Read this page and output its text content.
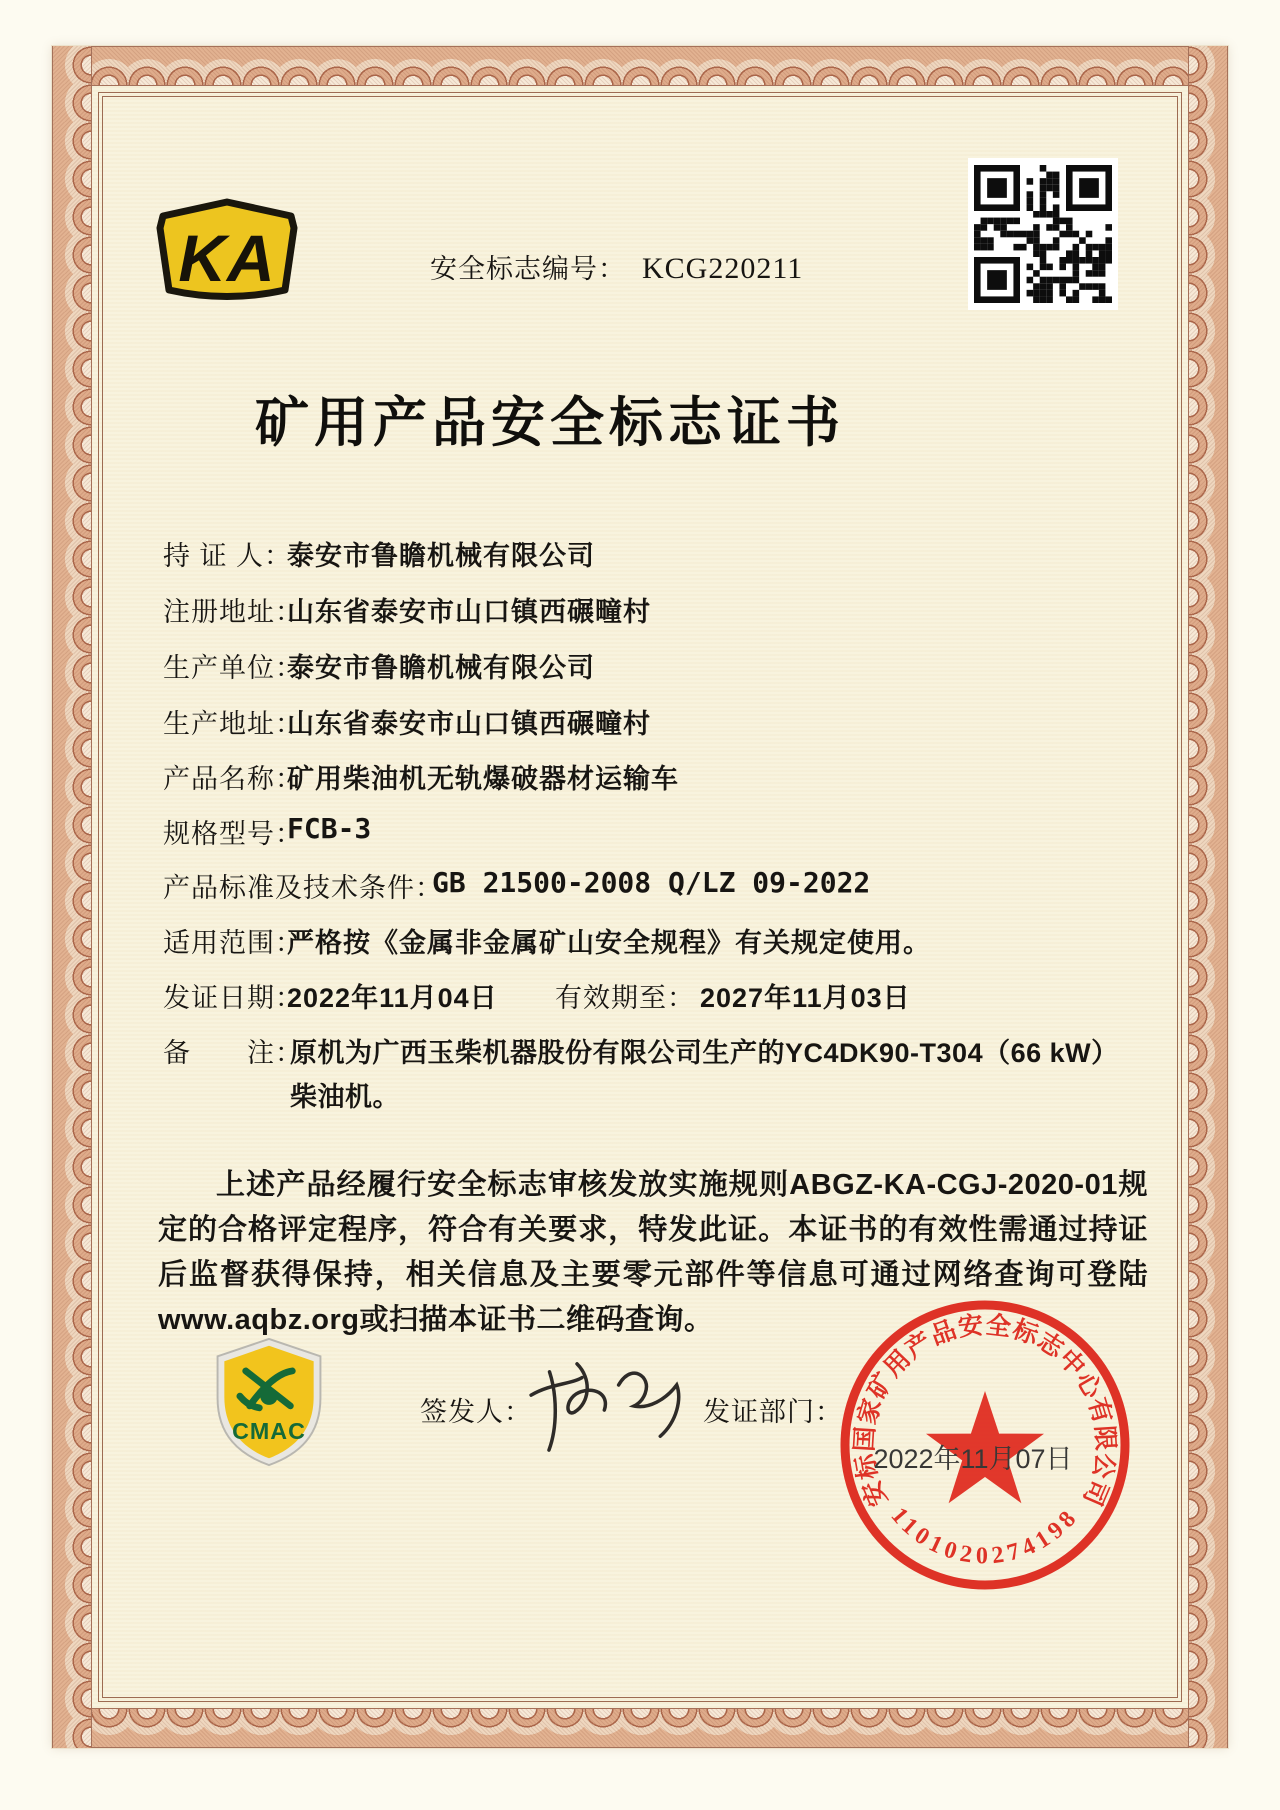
KA	安全标志编号： KCG220211
矿用产品安全标志证书
持 证 人：
泰安市鲁瞻机械有限公司
注册地址：
山东省泰安市山口镇西碾疃村
生产单位：
泰安市鲁瞻机械有限公司
生产地址：
山东省泰安市山口镇西碾疃村
产品名称：
矿用柴油机无轨爆破器材运输车
规格型号：
FCB-3
产品标准及技术条件：
GB 21500-2008 Q/LZ 09-2022
适用范围：
严格按《金属非金属矿山安全规程》有关规定使用。
发证日期：
2022年11月04日 有效期至： 2027年11月03日
备　　注：
原机为广西玉柴机器股份有限公司生产的YC4DK90-T304（66 kW）柴油机。
上述产品经履行安全标志审核发放实施规则ABGZ-KA-CGJ-2020-01规定的合格评定程序，符合有关要求，特发此证。本证书的有效性需通过持证后监督获得保持，相关信息及主要零元部件等信息可通过网络查询可登陆www.aqbz.org或扫描本证书二维码查询。
CMAC
签发人：	发证部门：
安标国家矿用产品安全标志中心有限公司
2022年11月07日
1101020274198
